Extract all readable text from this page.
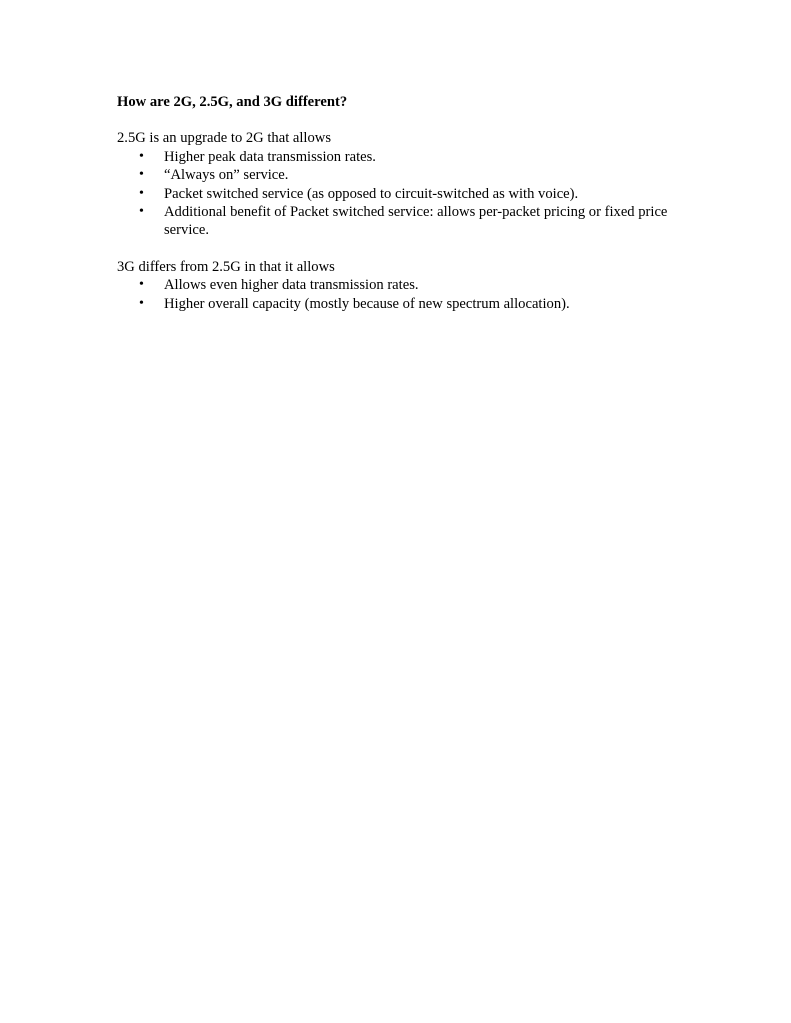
How are 2G, 2.5G, and 3G different?
2.5G is an upgrade to 2G that allows
• Higher peak data transmission rates.
• “Always on” service.
• Packet switched service (as opposed to circuit-switched as with voice).
• Additional benefit of Packet switched service: allows per-packet pricing or fixed price service.
3G differs from 2.5G in that it allows
• Allows even higher data transmission rates.
• Higher overall capacity (mostly because of new spectrum allocation).
